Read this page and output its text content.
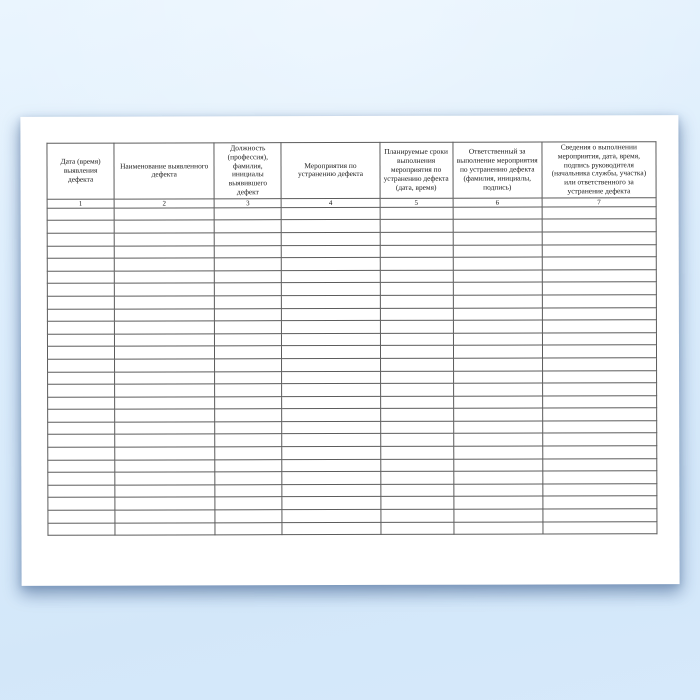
Дата (время) выявления дефекта	Наименование выявленного дефекта	Должность (профессия), фамилия, инициалы выявившего дефект	Мероприятия по устранению дефекта	Планируемые сроки выполнения мероприятия по устранению дефекта (дата, время)	Ответственный за выполнение мероприятия по устранению дефекта (фамилия, инициалы, подпись)	Сведения о выполнении мероприятия, дата, время, подпись руководителя (начальника службы, участка) или ответственного за устранение дефекта
1	2	3	4	5	6	7
